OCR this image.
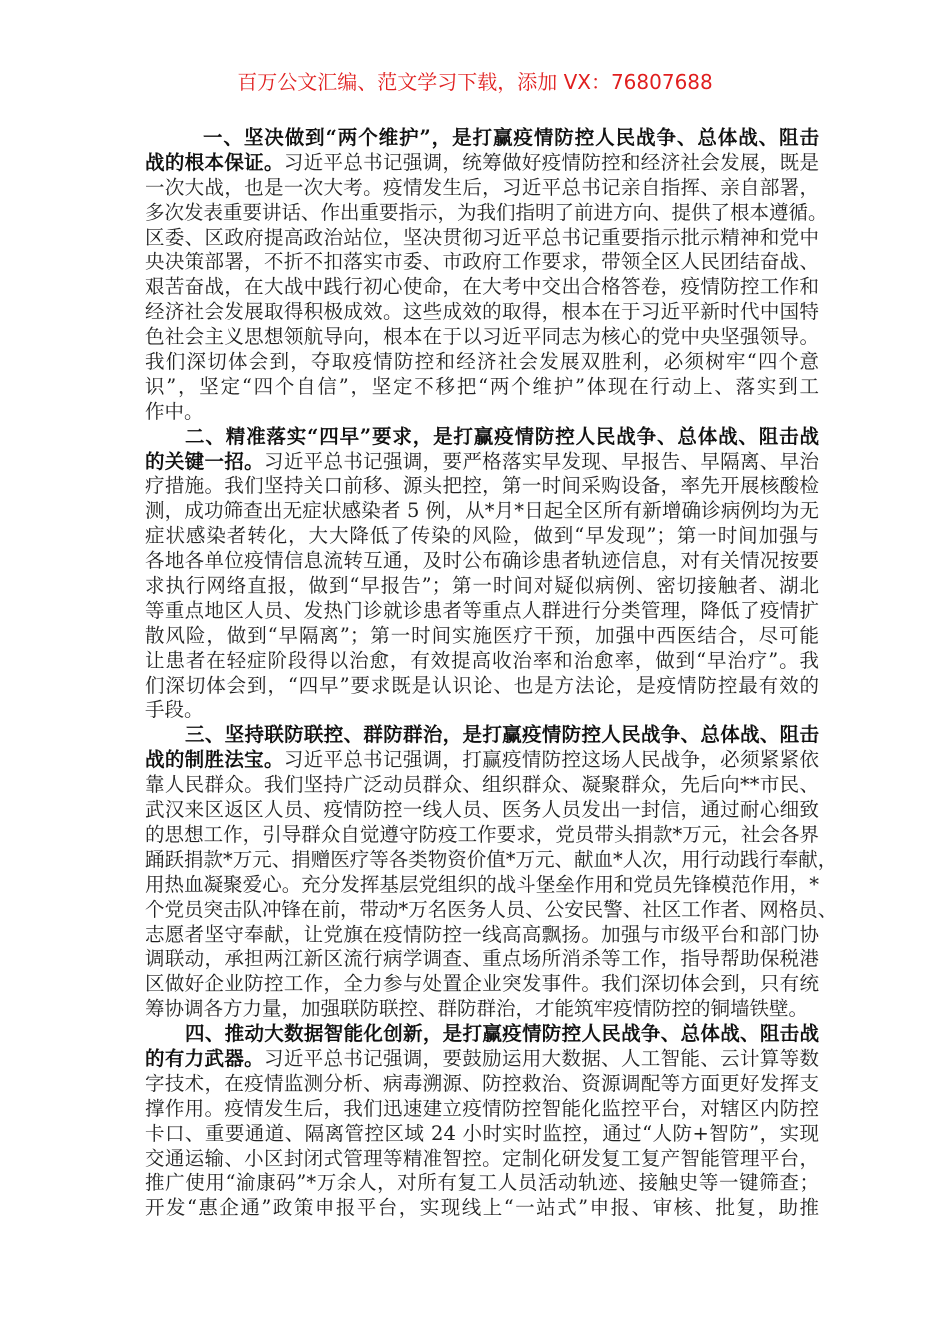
百万公文汇编、范文学习下载，添加 VX：76807688
一、坚决做到“两个维护”，是打赢疫情防控人民战争、总体战、阻击
战的根本保证。习近平总书记强调，统筹做好疫情防控和经济社会发展，既是
一次大战，也是一次大考。疫情发生后，习近平总书记亲自指挥、亲自部署，
多次发表重要讲话、作出重要指示，为我们指明了前进方向、提供了根本遵循。
区委、区政府提高政治站位，坚决贯彻习近平总书记重要指示批示精神和党中
央决策部署，不折不扣落实市委、市政府工作要求，带领全区人民团结奋战、
艰苦奋战，在大战中践行初心使命，在大考中交出合格答卷，疫情防控工作和
经济社会发展取得积极成效。这些成效的取得，根本在于习近平新时代中国特
色社会主义思想领航导向，根本在于以习近平同志为核心的党中央坚强领导。
我们深切体会到，夺取疫情防控和经济社会发展双胜利，必须树牢“四个意
识”，坚定“四个自信”，坚定不移把“两个维护”体现在行动上、落实到工
作中。
二、精准落实“四早”要求，是打赢疫情防控人民战争、总体战、阻击战
的关键一招。习近平总书记强调，要严格落实早发现、早报告、早隔离、早治
疗措施。我们坚持关口前移、源头把控，第一时间采购设备，率先开展核酸检
测，成功筛查出无症状感染者 5 例，从*月*日起全区所有新增确诊病例均为无
症状感染者转化，大大降低了传染的风险，做到“早发现”；第一时间加强与
各地各单位疫情信息流转互通，及时公布确诊患者轨迹信息，对有关情况按要
求执行网络直报，做到“早报告”；第一时间对疑似病例、密切接触者、湖北
等重点地区人员、发热门诊就诊患者等重点人群进行分类管理，降低了疫情扩
散风险，做到“早隔离”；第一时间实施医疗干预，加强中西医结合，尽可能
让患者在轻症阶段得以治愈，有效提高收治率和治愈率，做到“早治疗”。我
们深切体会到，“四早”要求既是认识论、也是方法论，是疫情防控最有效的
手段。
三、坚持联防联控、群防群治，是打赢疫情防控人民战争、总体战、阻击
战的制胜法宝。习近平总书记强调，打赢疫情防控这场人民战争，必须紧紧依
靠人民群众。我们坚持广泛动员群众、组织群众、凝聚群众，先后向**市民、
武汉来区返区人员、疫情防控一线人员、医务人员发出一封信，通过耐心细致
的思想工作，引导群众自觉遵守防疫工作要求，党员带头捐款*万元，社会各界
踊跃捐款*万元、捐赠医疗等各类物资价值*万元、献血*人次，用行动践行奉献，
用热血凝聚爱心。充分发挥基层党组织的战斗堡垒作用和党员先锋模范作用，*
个党员突击队冲锋在前，带动*万名医务人员、公安民警、社区工作者、网格员、
志愿者坚守奉献，让党旗在疫情防控一线高高飘扬。加强与市级平台和部门协
调联动，承担两江新区流行病学调查、重点场所消杀等工作，指导帮助保税港
区做好企业防控工作，全力参与处置企业突发事件。我们深切体会到，只有统
筹协调各方力量，加强联防联控、群防群治，才能筑牢疫情防控的铜墙铁壁。
四、推动大数据智能化创新，是打赢疫情防控人民战争、总体战、阻击战
的有力武器。习近平总书记强调，要鼓励运用大数据、人工智能、云计算等数
字技术，在疫情监测分析、病毒溯源、防控救治、资源调配等方面更好发挥支
撑作用。疫情发生后，我们迅速建立疫情防控智能化监控平台，对辖区内防控
卡口、重要通道、隔离管控区域 24 小时实时监控，通过“人防+智防”，实现
交通运输、小区封闭式管理等精准智控。定制化研发复工复产智能管理平台，
推广使用“渝康码”*万余人，对所有复工人员活动轨迹、接触史等一键筛查；
开发“惠企通”政策申报平台，实现线上“一站式”申报、审核、批复，助推
